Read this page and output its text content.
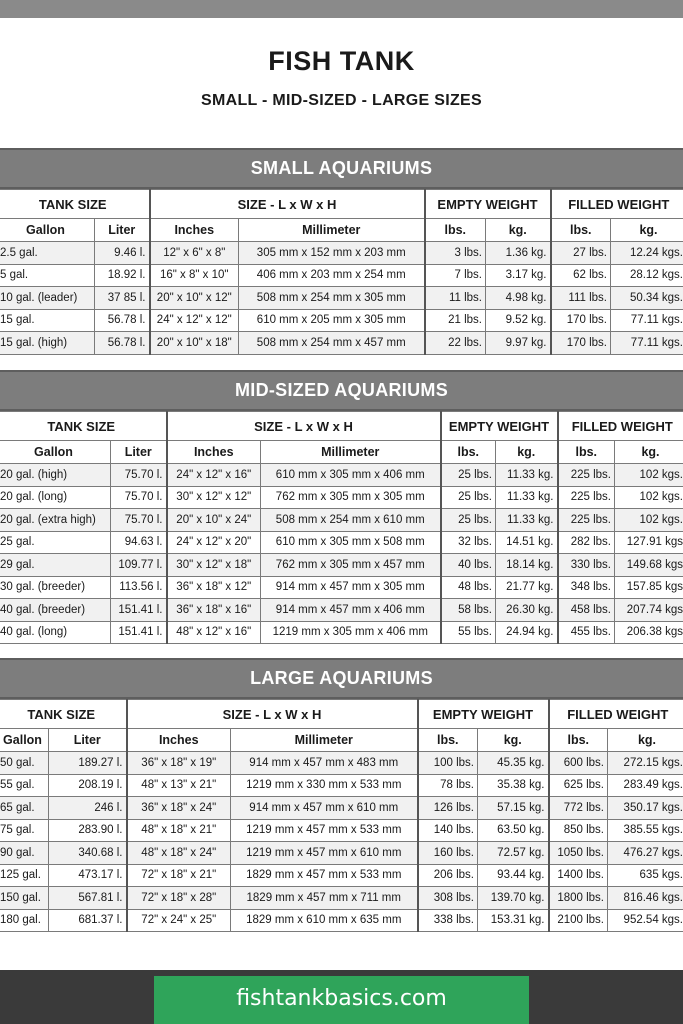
FISH TANK
SMALL - MID-SIZED - LARGE SIZES
SMALL AQUARIUMS
TANK SIZE		SIZE - L x W x H		EMPTY WEIGHT		FILLED WEIGHT	
Gallon	Liter	Inches	Millimeter	lbs.	kg.	lbs.	kg.
2.5 gal.	9.46 l.	12" x 6" x 8"	305 mm x 152 mm x 203 mm	3 lbs.	1.36 kg.	27 lbs.	12.24 kgs.
5 gal.	18.92 l.	16" x 8" x 10"	406 mm x 203 mm x 254 mm	7 lbs.	3.17 kg.	62 lbs.	28.12 kgs.
10 gal. (leader)	37 85 l.	20" x 10" x 12"	508 mm x 254 mm x 305 mm	11 lbs.	4.98 kg.	111 lbs.	50.34 kgs.
15 gal.	56.78 l.	24" x 12" x 12"	610 mm x 205 mm x 305 mm	21 lbs.	9.52 kg.	170 lbs.	77.11 kgs.
15 gal. (high)	56.78 l.	20" x 10" x 18"	508 mm x 254 mm x 457 mm	22 lbs.	9.97 kg.	170 lbs.	77.11 kgs.
MID-SIZED AQUARIUMS
TANK SIZE		SIZE - L x W x H		EMPTY WEIGHT		FILLED WEIGHT	
Gallon	Liter	Inches	Millimeter	lbs.	kg.	lbs.	kg.
20 gal. (high)	75.70 l.	24" x 12" x 16"	610 mm x 305 mm x 406 mm	25 lbs.	11.33 kg.	225 lbs.	102 kgs.
20 gal. (long)	75.70 l.	30" x 12" x 12"	762 mm x 305 mm x 305 mm	25 lbs.	11.33 kg.	225 lbs.	102 kgs.
20 gal. (extra high)	75.70 l.	20" x 10" x 24"	508 mm x 254 mm x 610 mm	25 lbs.	11.33 kg.	225 lbs.	102 kgs.
25 gal.	94.63 l.	24" x 12" x 20"	610 mm x 305 mm x 508 mm	32 lbs.	14.51 kg.	282 lbs.	127.91 kgs
29 gal.	109.77 l.	30" x 12" x 18"	762 mm x 305 mm x 457 mm	40 lbs.	18.14 kg.	330 lbs.	149.68 kgs
30 gal. (breeder)	113.56 l.	36" x 18" x 12"	914 mm x 457 mm x 305 mm	48 lbs.	21.77 kg.	348 lbs.	157.85 kgs
40 gal. (breeder)	151.41 l.	36" x 18" x 16"	914 mm x 457 mm x 406 mm	58 lbs.	26.30 kg.	458 lbs.	207.74 kgs
40 gal. (long)	151.41 l.	48" x 12" x 16"	1219 mm x 305 mm x 406 mm	55 lbs.	24.94 kg.	455 lbs.	206.38 kgs
LARGE AQUARIUMS
TANK SIZE		SIZE - L x W x H		EMPTY WEIGHT		FILLED WEIGHT	
Gallon	Liter	Inches	Millimeter	lbs.	kg.	lbs.	kg.
50 gal.	189.27 l.	36" x 18" x 19"	914 mm x 457 mm x 483 mm	100 lbs.	45.35 kg.	600 lbs.	272.15 kgs.
55 gal.	208.19 l.	48" x 13" x 21"	1219 mm x 330 mm x 533 mm	78 lbs.	35.38 kg.	625 lbs.	283.49 kgs.
65 gal.	246 l.	36" x 18" x 24"	914 mm x 457 mm x 610 mm	126 lbs.	57.15 kg.	772 lbs.	350.17 kgs.
75 gal.	283.90 l.	48" x 18" x 21"	1219 mm x 457 mm x 533 mm	140 lbs.	63.50 kg.	850 lbs.	385.55 kgs.
90 gal.	340.68 l.	48" x 18" x 24"	1219 mm x 457 mm x 610 mm	160 lbs.	72.57 kg.	1050 lbs.	476.27 kgs.
125 gal.	473.17 l.	72" x 18" x 21"	1829 mm x 457 mm x 533 mm	206 lbs.	93.44 kg.	1400 lbs.	635 kgs.
150 gal.	567.81 l.	72" x 18" x 28"	1829 mm x 457 mm x 711 mm	308 lbs.	139.70 kg.	1800 lbs.	816.46 kgs.
180 gal.	681.37 l.	72" x 24" x 25"	1829 mm x 610 mm x 635 mm	338 lbs.	153.31 kg.	2100 lbs.	952.54 kgs.
fishtankbasics.com
